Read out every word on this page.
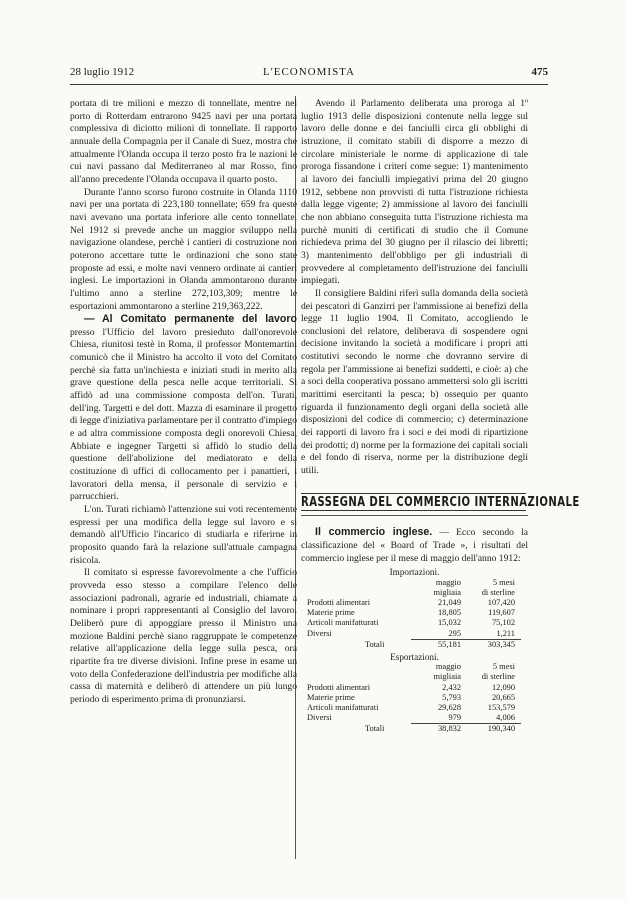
28 luglio 1912	L'ECONOMISTA	475

portata di tre milioni e mezzo di tonnellate, mentre nel porto di Rotterdam entrarono 9425 navi per una portata complessiva di diciotto milioni di tonnellate. Il rapporto annuale della Compagnia per il Canale di Suez, mostra che attualmente l'Olanda occupa il terzo posto fra le nazioni le cui navi passano dal Mediterraneo al mar Rosso, fino all'anno precedente l'Olanda occupava il quarto posto.

Durante l'anno scorso furono costruite in Olanda 1110 navi per una portata di 223,180 tonnellate; 659 fra queste navi avevano una portata inferiore alle cento tonnellate. Nel 1912 si prevede anche un maggior sviluppo nella navigazione olandese, perchè i cantieri di costruzione non poterono accettare tutte le ordinazioni che sono state proposte ad essi, e molte navi vennero ordinate ai cantieri inglesi. Le importazioni in Olanda ammontarono durante l'ultimo anno a sterline 272,103,309; mentre le esportazioni ammontarono a sterline 219,363,222.

— Al Comitato permanente del lavoro presso l'Ufficio del lavoro presieduto dall'onorevole Chiesa, riunitosi testè in Roma, il professor Montemartini comunicò che il Ministro ha accolto il voto del Comitato perchè sia fatta un'inchiesta e iniziati studi in merito alla grave questione della pesca nelle acque territoriali. Si affidò ad una commissione composta dell'on. Turati, dell'ing. Targetti e del dott. Mazza di esaminare il progetto di legge d'iniziativa parlamentare per il contratto d'impiego e ad altra commissione composta degli onorevoli Chiesa, Abbiate e ingegner Targetti si affidò lo studio della questione dell'abolizione del mediatorato e della costituzione di uffici di collocamento per i panattieri, i lavoratori della mensa, il personale di servizio e i parrucchieri.

L'on. Turati richiamò l'attenzione sui voti recentemente espressi per una modifica della legge sul lavoro e si demandò all'Ufficio l'incarico di studiarla e riferirne in proposito quando farà la relazione sull'attuale campagna risicola.

Il comitato si espresse favorevolmente a che l'ufficio provveda esso stesso a compilare l'elenco delle associazioni padronali, agrarie ed industriali, chiamate a nominare i propri rappresentanti al Consiglio del lavoro. Deliberò pure di appoggiare presso il Ministro una mozione Baldini perchè siano raggruppate le competenze relative all'applicazione della legge sulla pesca, ora ripartite fra tre diverse divisioni. Infine prese in esame un voto della Confederazione dell'industria per modifiche alla cassa di maternità e deliberò di attendere un più lungo periodo di esperimento prima di pronunziarsi.

Avendo il Parlamento deliberata una proroga al 1º luglio 1913 delle disposizioni contenute nella legge sul lavoro delle donne e dei fanciulli circa gli obblighi di istruzione, il comitato stabilì di disporre a mezzo di circolare ministeriale le norme di applicazione di tale proroga fissandone i criteri come segue: 1) mantenimento al lavoro dei fanciulli impiegativi prima del 20 giugno 1912, sebbene non provvisti di tutta l'istruzione richiesta dalla legge vigente; 2) ammissione al lavoro dei fanciulli che non abbiano conseguita tutta l'istruzione richiesta ma purchè muniti di certificati di studio che il Comune richiedeva prima del 30 giugno per il rilascio dei libretti; 3) mantenimento dell'obbligo per gli industriali di provvedere al completamento dell'istruzione dei fanciulli impiegati.

Il consigliere Baldini riferì sulla domanda della società dei pescatori di Ganzirri per l'ammissione ai benefizi della legge 11 luglio 1904. Il Comitato, accogliendo le conclusioni del relatore, deliberava di sospendere ogni decisione invitando la società a modificare i propri atti costitutivi secondo le norme che dovranno servire di regola per l'ammissione ai benefizi suddetti, e cioè: a) che a soci della cooperativa possano ammettersi solo gli iscritti marittimi esercitanti la pesca; b) ossequio per quanto riguarda il funzionamento degli organi della società alle disposizioni del codice di commercio; c) determinazione dei rapporti di lavoro fra i soci e dei modi di ripartizione dei prodotti; d) norme per la formazione dei capitali sociali e del fondo di riserva, norme per la distribuzione degli utili.

RASSEGNA DEL COMMERCIO INTERNAZIONALE

Il commercio inglese. — Ecco secondo la classificazione del « Board of Trade », i risultati del commercio inglese per il mese di maggio dell'anno 1912:

Importazioni.
maggio	5 mesi
migliaia	di sterline
Prodotti alimentari	21,049	107,420
Materie prime	18,805	119,607
Articoli manifatturati	15,032	75,102
Diversi	295	1,211
Totali	55,181	303,345
Esportazioni.
maggio	5 mesi
migliaia	di sterline
Prodotti alimentari	2,432	12,090
Materie prime	5,793	20,665
Articoli manifatturati	29,628	153,579
Diversi	979	4,006
Totali	38,832	190,340
